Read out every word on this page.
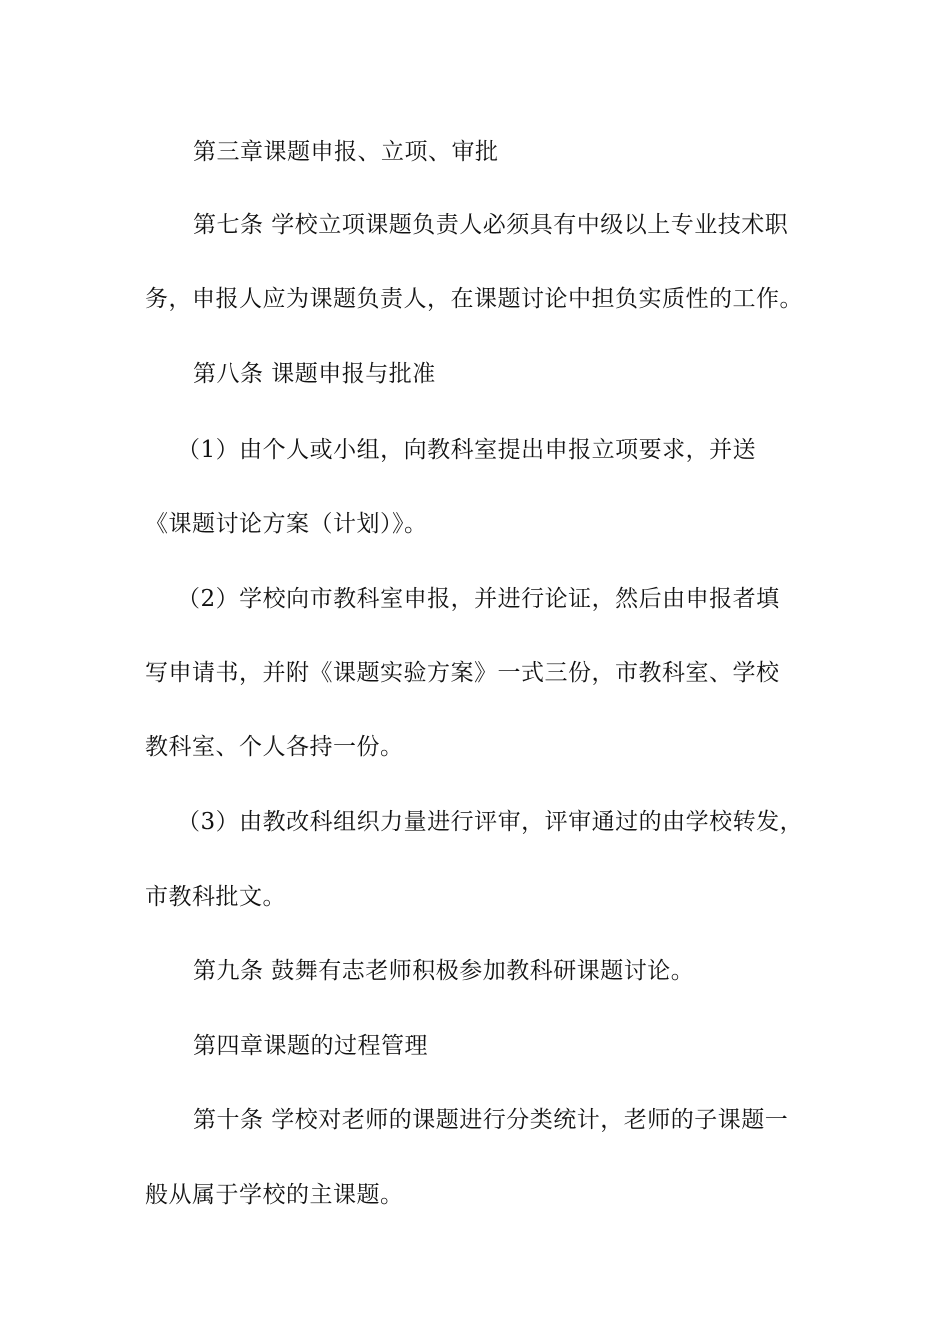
第三章课题申报、立项、审批
第七条 学校立项课题负责人必须具有中级以上专业技术职
务，申报人应为课题负责人，在课题讨论中担负实质性的工作。
第八条 课题申报与批准
（1）由个人或小组，向教科室提出申报立项要求，并送
《课题讨论方案（计划）》。
（2）学校向市教科室申报，并进行论证，然后由申报者填
写申请书，并附《课题实验方案》一式三份，市教科室、学校
教科室、个人各持一份。
（3）由教改科组织力量进行评审，评审通过的由学校转发，
市教科批文。
第九条 鼓舞有志老师积极参加教科研课题讨论。
第四章课题的过程管理
第十条 学校对老师的课题进行分类统计，老师的子课题一
般从属于学校的主课题。
